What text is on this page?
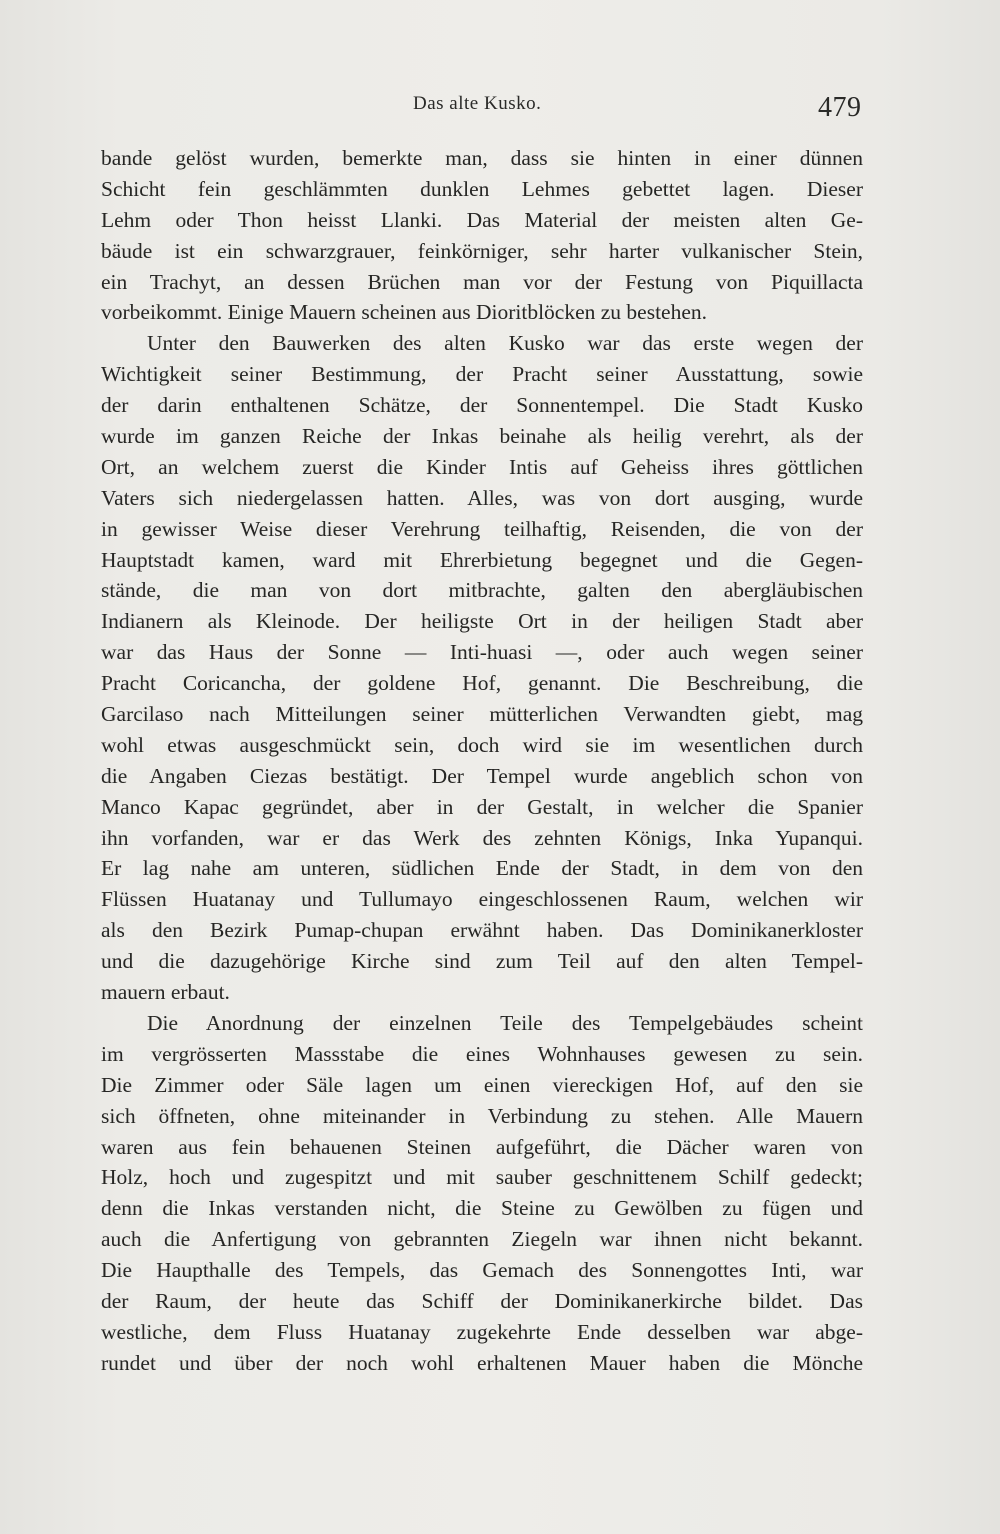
Das alte Kusko.	479
bande gelöst wurden, bemerkte man, dass sie hinten in einer dünnen
Schicht fein geschlämmten dunklen Lehmes gebettet lagen. Dieser
Lehm oder Thon heisst Llanki. Das Material der meisten alten Ge-
bäude ist ein schwarzgrauer, feinkörniger, sehr harter vulkanischer Stein,
ein Trachyt, an dessen Brüchen man vor der Festung von Piquillacta
vorbeikommt. Einige Mauern scheinen aus Dioritblöcken zu bestehen.
Unter den Bauwerken des alten Kusko war das erste wegen der
Wichtigkeit seiner Bestimmung, der Pracht seiner Ausstattung, sowie
der darin enthaltenen Schätze, der Sonnentempel. Die Stadt Kusko
wurde im ganzen Reiche der Inkas beinahe als heilig verehrt, als der
Ort, an welchem zuerst die Kinder Intis auf Geheiss ihres göttlichen
Vaters sich niedergelassen hatten. Alles, was von dort ausging, wurde
in gewisser Weise dieser Verehrung teilhaftig, Reisenden, die von der
Hauptstadt kamen, ward mit Ehrerbietung begegnet und die Gegen-
stände, die man von dort mitbrachte, galten den abergläubischen
Indianern als Kleinode. Der heiligste Ort in der heiligen Stadt aber
war das Haus der Sonne — Inti-huasi —, oder auch wegen seiner
Pracht Coricancha, der goldene Hof, genannt. Die Beschreibung, die
Garcilaso nach Mitteilungen seiner mütterlichen Verwandten giebt, mag
wohl etwas ausgeschmückt sein, doch wird sie im wesentlichen durch
die Angaben Ciezas bestätigt. Der Tempel wurde angeblich schon von
Manco Kapac gegründet, aber in der Gestalt, in welcher die Spanier
ihn vorfanden, war er das Werk des zehnten Königs, Inka Yupanqui.
Er lag nahe am unteren, südlichen Ende der Stadt, in dem von den
Flüssen Huatanay und Tullumayo eingeschlossenen Raum, welchen wir
als den Bezirk Pumap-chupan erwähnt haben. Das Dominikanerkloster
und die dazugehörige Kirche sind zum Teil auf den alten Tempel-
mauern erbaut.
Die Anordnung der einzelnen Teile des Tempelgebäudes scheint
im vergrösserten Massstabe die eines Wohnhauses gewesen zu sein.
Die Zimmer oder Säle lagen um einen viereckigen Hof, auf den sie
sich öffneten, ohne miteinander in Verbindung zu stehen. Alle Mauern
waren aus fein behauenen Steinen aufgeführt, die Dächer waren von
Holz, hoch und zugespitzt und mit sauber geschnittenem Schilf gedeckt;
denn die Inkas verstanden nicht, die Steine zu Gewölben zu fügen und
auch die Anfertigung von gebrannten Ziegeln war ihnen nicht bekannt.
Die Haupthalle des Tempels, das Gemach des Sonnengottes Inti, war
der Raum, der heute das Schiff der Dominikanerkirche bildet. Das
westliche, dem Fluss Huatanay zugekehrte Ende desselben war abge-
rundet und über der noch wohl erhaltenen Mauer haben die Mönche
